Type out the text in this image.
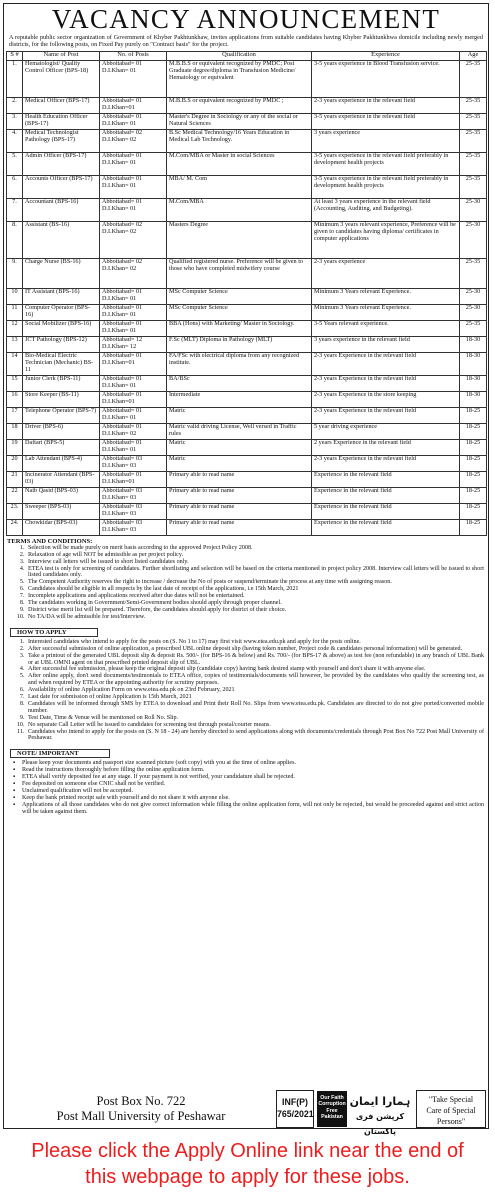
VACANCY ANNOUNCEMENT
A reputable public sector organization of Government of Khyber Pakhtunkhaw, invites applications from suitable candidates having Khyber Pakhtunkhwa domicile including newly merged districts, for the following posts, on Fixed Pay purely on "Contract basis" for the project.
S #	Name of Post	No. of Posts	Qualification	Experience	Age
1.	Hematologist/ Quality Control Officer (BPS-18)	Abbottabad= 01
D.I.Khan= 01	M.B.B.S or equivalent recognized by PMDC; Post Graduate degree/diploma in Transfusion Medicine/ Hematology or equivalent	3-5 years experience in Blood Transfusion service.	25-35
2.	Medical Officer (BPS-17)	Abbottabad= 01
D.I.Khan=01	M.B.B.S or equivalent recognized by PMDC ;	2-3 years experience in the relevant field	25-35
3.	Health Education Officer (BPS-17)	Abbottabad= 01
D.I.Khan= 01	Master's Degree in Sociology or any of the social or Natural Sciences	3-5 years experience in the relevant field	25-35
4.	Medical Technologist Pathology (BPS-17)	Abbottabad= 02
D.I.Khan= 02	B.Sc Medical Technology/16 Years Education in Medical Lab Technology.	3 years experience	25-35
5.	Admin Officer (BPS-17)	Abbottabad= 01
D.I.Khan= 01	M.Com/MBA or Master in social Sciences	3-5 years experience in the relevant field preferably in development health projects	25-35
6.	Accounts Officer (BPS-17)	Abbottabad= 01
D.I.Khan= 01	MBA/ M. Com	3-5 years experience in the relevant field preferably in development health projects	25-35
7.	Accountant (BPS-16)	Abbottabad= 01
D.I.Khan= 01	M.Com/MBA	At least 3 years experience in the relevant field (Accounting, Auditing, and Budgeting).	25-30
8.	Assistant (BS-16)	Abbottabad= 02
D.I.Khan= 02	Masters Degree	Minimum 3 years relevant experience, Preference will be given to candidates having diploma/ certificates in computer applications	25-30
9.	Charge Nurse (BS-16)	Abbottabad= 02
D.I.Khan= 02	Qualified registered nurse. Preference will be given to those who have completed midwifery course	2-3 years experience	25-35
10	IT Assistant (BPS-16)	Abbottabad= 01
D.I.Khan= 01	MSc Computer Science	Minimum 3 Years relevant Experience.	25-30
11	Computer Operator (BPS-16)	Abbottabad= 01
D.I.Khan= 01	MSc Computer Science	Minimum 3 Years relevant Experience.	25-30
12	Social Mobilizer (BPS-16)	Abbottabad= 01
D.I.Khan= 01	BBA (Hons) with Marketing/ Master in Sociology.	3-5 Years relevant experience.	25-35
13	JCT Pathology (BPS-12)	Abbottabad= 12
D.I.Khan= 12	F.Sc (MLT) Diploma in Pathology (MLT)	3 years experience in the relevant field	18-30
14	Bio-Medical Electric Technician (Mechanic) BS-11	Abbottabad= 01
D.I.Khan=01	FA/FSc with electrical diploma from any recognized institute.	2-3 years Experience in the relevant field	18-30
15	Junior Clerk (BPS-11)	Abbottabad= 01
D.I.Khan= 01	BA/BSc	2-3 years Experience in the relevant field	18-30
16	Store Keeper (BS-11)	Abbottabad= 01
D.I.Khan=01	Intermediate	2-3 years Experience in the store keeping	18-30
17	Telephone Operator (BPS-7)	Abbottabad= 01
D.I.Khan= 01	Matric	2-3 years Experience in the relevant field	18-25
18	Driver (BPS-6)	Abbottabad= 01
D.I.Khan= 02	Matric valid driving License, Well versed in Traffic rules	5 year driving experience	18-25
19	Daftari (BPS-5)	Abbottabad= 01
D.I.Khan= 01	Matric	2 years Experience in the relevant field	18-25
20	Lab Attendant (BPS-4)	Abbottabad= 03
D.I.Khan= 03	Matric	2-3 years Experience in the relevant field	18-25
21	Incinerator Attendant (BPS-03)	Abbottabad= 01
D.I.Khan=01	Primary able to read name	Experience in the relevant field	18-25
22	Naib Qasid (BPS-03)	Abbottabad= 03
D.I.Khan= 03	Primary able to read name	Experience in the relevant field	18-25
23.	Sweeper (BPS-03)	Abbottabad= 03
D.I.Khan= 03	Primary able to read name	Experience in the relevant field	18-25
24.	Chowkidar (BPS-03)	Abbottabad= 03
D.I.Khan= 03	Primary able to read name	Experience in the relevant field	18-25
TERMS AND CONDITIONS:
1. Selection will be made purely on merit basis according to the approved Project Policy 2008.
2. Relaxation of age will NOT be admissible as per project policy.
3. Interview call letters will be issued to short listed candidates only.
4. ETEA test is only for screening of candidates. Further shortlisting and selection will be based on the criteria mentioned in project policy 2008. Interview call letters will be issued to short listed candidates only.
5. The Competent Authority reserves the right to increase / decrease the No of posts or suspend/terminate the process at any time with assigning reason.
6. Candidates should be eligible in all respects by the last date of receipt of the applications, i.e 15th March, 2021
7. Incomplete applications and applications received after due dates will not be entertained.
8. The candidates working in Government/Semi-Government bodies should apply through proper channel.
9. District wise merit list will be prepared. Therefore, the candidates should apply for district of their choice.
10. No TA/DA will be admissible for test/Interview.
HOW TO APPLY
1. Interested candidates who intend to apply for the posts on (S. No 1 to 17) may first visit www.etea.edu.pk and apply for the posts online.
2. After successful submission of online application, a prescribed UBL online deposit slip (having token number, Project code & candidates personal information) will be generated.
3. Take a printout of the generated UBL deposit slip & deposit Rs. 500/- (for BPS-16 & below) and Rs. 700/- (for BPS-17 & above) as test fee (non refundable) in any branch of UBL Bank or at UBL OMNI agent on that prescribed printed deposit slip of UBL.
4. After successful fee submission, please keep the original deposit slip (candidate copy) having bank desired stamp with yourself and don't share it with anyone else.
5. After online apply, don't send documents/testimonials to ETEA office, copies of testimonials/documents will however, be provided by the candidates who qualify the screening test, as and when required by ETEA or the appointing authority for scrutiny purposes.
6. Availability of online Application Form on www.etea.edu.pk on 23rd February, 2021
7. Last date for submission of online Application is 15th March, 2021
8. Candidates will be informed through SMS by ETEA to download and Print their Roll No. Slips from www.etea.edu.pk. Candidates are directed to do not give ported/converted mobile number.
9. Test Date, Time & Venue will be mentioned on Roll No. Slip.
10. No separate Call Letter will be issued to candidates for screening test through postal/courier means.
11. Candidates who intend to apply for the posts on (S. N 18 - 24) are hereby directed to send applications along with documents/credentials through Post Box No 722 Post Mall University of Peshawar.
NOTE/ IMPORTANT
▪ Please keep your documents and passport size scanned picture (soft copy) with you at the time of online applies.
▪ Read the instructions thoroughly before filling the online application form.
▪ ETEA shall verify deposited fee at any stage. If your payment is not verified, your candidature shall be rejected.
▪ Fee deposited on someone else CNIC shall not be verified.
▪ Unclaimed qualification will not be accepted.
▪ Keep the bank printed receipt safe with yourself and do not share it with anyone else.
▪ Applications of all those candidates who do not give correct information while filling the online application form, will not only be rejected, but would be proceeded against and strict action will be taken against them.
Post Box No. 722
Post Mall University of Peshawar
INF(P)
765/2021
Our Faith
Corruption
Free Pakistan
ہمارا ایمان
کرپشن فری پاکستان
"Take Special
Care of Special
Persons"
Please click the Apply Online link near the end of
this webpage to apply for these jobs.
